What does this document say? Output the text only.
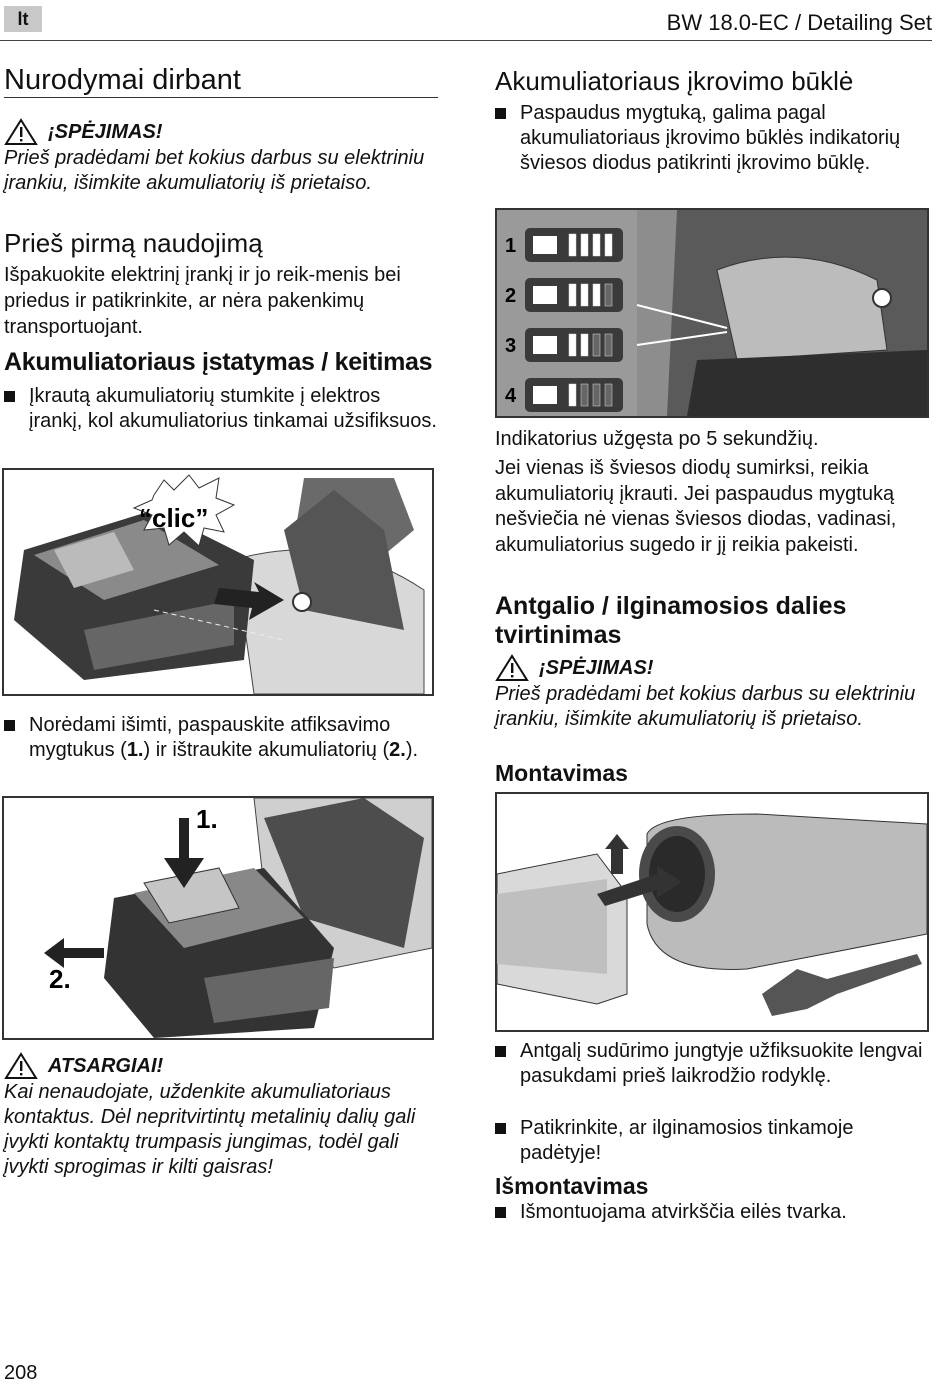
lt	BW 18.0-EC / Detailing Set
Nurodymai dirbant
¡SPĖJIMAS!

Prieš pradėdami bet kokius darbus su elektriniu įrankiu, išimkite akumuliatorių iš prietaiso.

Prieš pirmą naudojimą

Išpakuokite elektrinį įrankį ir jo reik-menis bei priedus ir patikrinkite, ar nėra pakenkimų transportuojant.

Akumuliatoriaus įstatymas / keitimas
Įkrautą akumuliatorių stumkite į elektros įrankį, kol akumuliatorius tinkamai užsifiksuos.
“clic”
Norėdami išimti, paspauskite atfiksavimo mygtukus (1.) ir ištraukite akumuliatorių (2.).
1.
2.
ATSARGIAI!

Kai nenaudojate, uždenkite akumuliatoriaus kontaktus. Dėl nepritvirtintų metalinių dalių gali įvykti kontaktų trumpasis jungimas, todėl gali įvykti sprogimas ir kilti gaisras!

Akumuliatoriaus įkrovimo būklė
Paspaudus mygtuką, galima pagal akumuliatoriaus įkrovimo būklės indikatorių šviesos diodus patikrinti įkrovimo būklę.
1
2
3
4

Indikatorius užgęsta po 5 sekundžių.

Jei vienas iš šviesos diodų sumirksi, reikia akumuliatorių įkrauti. Jei paspaudus mygtuką nešviečia nė vienas šviesos diodas, vadinasi, akumuliatorius sugedo ir jį reikia pakeisti.

Antgalio / ilginamosios dalies tvirtinimas
¡SPĖJIMAS!

Prieš pradėdami bet kokius darbus su elektriniu įrankiu, išimkite akumuliatorių iš prietaiso.

Montavimas
Antgalį sudūrimo jungtyje užfiksuokite lengvai pasukdami prieš laikrodžio rodyklę.
Patikrinkite, ar ilginamosios tinkamoje padėtyje!
Išmontavimas
Išmontuojama atvirkščia eilės tvarka.
208
